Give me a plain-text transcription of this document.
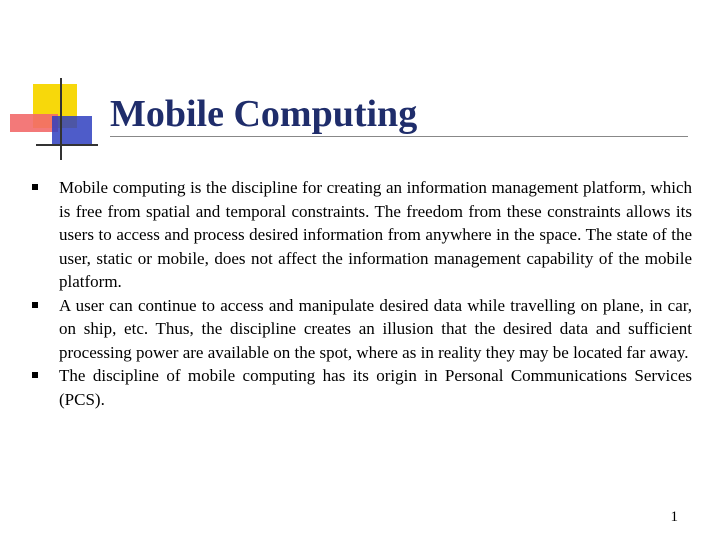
Mobile Computing
Mobile computing is the discipline for creating an information management platform, which is free from spatial and temporal constraints. The freedom from these constraints allows its users to access and process desired information from anywhere in the space. The state of the user, static or mobile, does not affect the information management capability of the mobile platform.
A user can continue to access and manipulate desired data while travelling on plane, in car, on ship, etc. Thus, the discipline creates an illusion that the desired data and sufficient processing power are available on the spot, where as in reality they may be located far away.
The discipline of mobile computing has its origin in Personal Communications Services (PCS).
1
